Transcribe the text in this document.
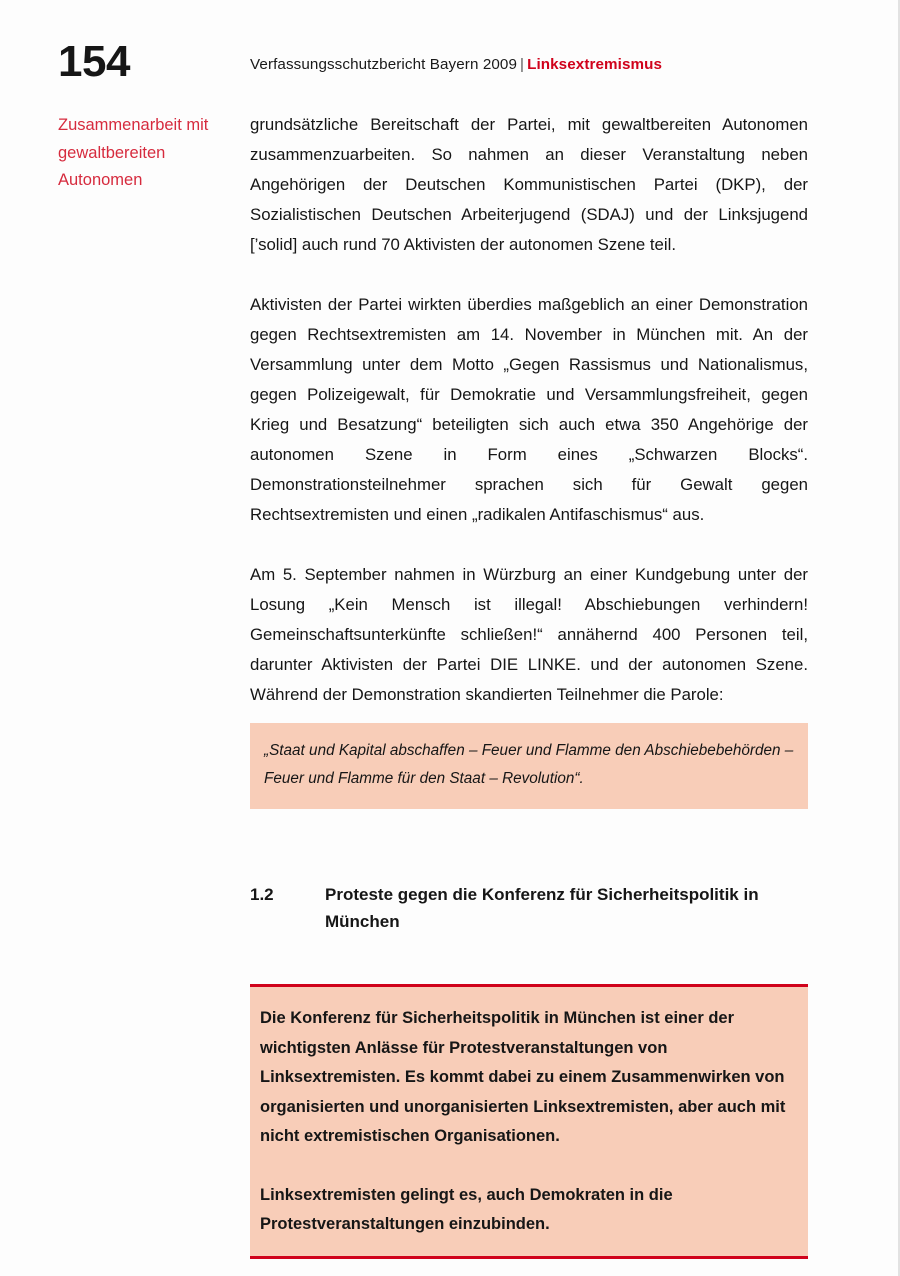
154	Verfassungsschutzbericht Bayern 2009 | Linksextremismus
Zusammenarbeit mit gewaltbereiten Autonomen

grundsätzliche Bereitschaft der Partei, mit gewaltbereiten Autonomen zusammenzuarbeiten. So nahmen an dieser Veranstaltung neben Angehörigen der Deutschen Kommunistischen Partei (DKP), der Sozialistischen Deutschen Arbeiterjugend (SDAJ) und der Linksjugend [’solid] auch rund 70 Aktivisten der autonomen Szene teil.

Aktivisten der Partei wirkten überdies maßgeblich an einer Demonstration gegen Rechtsextremisten am 14. November in München mit. An der Versammlung unter dem Motto „Gegen Rassismus und Nationalismus, gegen Polizeigewalt, für Demokratie und Versammlungsfreiheit, gegen Krieg und Besatzung“ beteiligten sich auch etwa 350 Angehörige der autonomen Szene in Form eines „Schwarzen Blocks“. Demonstrationsteilnehmer sprachen sich für Gewalt gegen Rechtsextremisten und einen „radikalen Antifaschismus“ aus.

Am 5. September nahmen in Würzburg an einer Kundgebung unter der Losung „Kein Mensch ist illegal! Abschiebungen verhindern! Gemeinschaftsunterkünfte schließen!“ annähernd 400 Personen teil, darunter Aktivisten der Partei DIE LINKE. und der autonomen Szene. Während der Demonstration skandierten Teilnehmer die Parole:

„Staat und Kapital abschaffen – Feuer und Flamme den Abschiebebehörden – Feuer und Flamme für den Staat – Revolution“.

1.2	Proteste gegen die Konferenz für Sicherheitspolitik in München

Die Konferenz für Sicherheitspolitik in München ist einer der wichtigsten Anlässe für Protestveranstaltungen von Linksextremisten. Es kommt dabei zu einem Zusammenwirken von organisierten und unorganisierten Linksextremisten, aber auch mit nicht extremistischen Organisationen.

Linksextremisten gelingt es, auch Demokraten in die Protestveranstaltungen einzubinden.
